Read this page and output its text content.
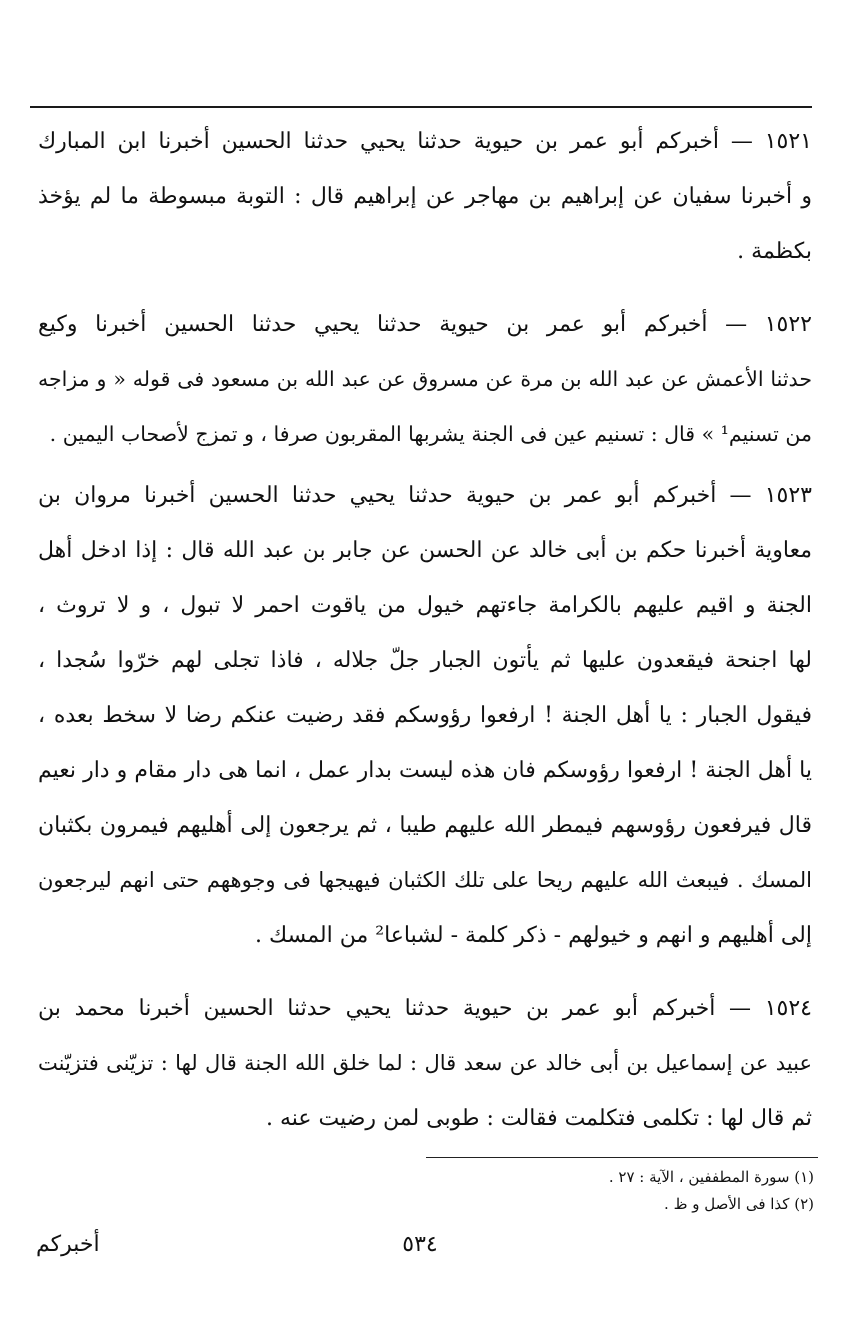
١٥٢١ — أخبركم أبو عمر بن حيوية حدثنا يحيي حدثنا الحسين أخبرنا ابن المبارك
و أخبرنا سفيان عن إبراهيم بن مهاجر عن إبراهيم قال : التوبة مبسوطة ما لم يؤخذ
بكظمة .
١٥٢٢ — أخبركم أبو عمر بن حيوية حدثنا يحيي حدثنا الحسين أخبرنا وكيع
حدثنا الأعمش عن عبد الله بن مرة عن مسروق عن عبد الله بن مسعود فى قوله « و مزاجه
من تسنيم¹ » قال : تسنيم عين فى الجنة يشربها المقربون صرفا ، و تمزج لأصحاب اليمين .
١٥٢٣ — أخبركم أبو عمر بن حيوية حدثنا يحيي حدثنا الحسين أخبرنا مروان بن
معاوية أخبرنا حكم بن أبى خالد عن الحسن عن جابر بن عبد الله قال : إذا ادخل أهل
الجنة و اقيم عليهم بالكرامة جاءتهم خيول من ياقوت احمر لا تبول ، و لا تروث ،
لها اجنحة فيقعدون عليها ثم يأتون الجبار جلّ جلاله ، فاذا تجلى لهم خرّوا سُجدا ،
فيقول الجبار : يا أهل الجنة ! ارفعوا رؤوسكم فقد رضيت عنكم رضا لا سخط بعده ،
يا أهل الجنة ! ارفعوا رؤوسكم فان هذه ليست بدار عمل ، انما هى دار مقام و دار نعيم
قال فيرفعون رؤوسهم فيمطر الله عليهم طيبا ، ثم يرجعون إلى أهليهم فيمرون بكثبان
المسك . فيبعث الله عليهم ريحا على تلك الكثبان فيهيجها فى وجوههم حتى انهم ليرجعون
إلى أهليهم و انهم و خيولهم - ذكر كلمة - لشباعا² من المسك .
١٥٢٤ — أخبركم أبو عمر بن حيوية حدثنا يحيي حدثنا الحسين أخبرنا محمد بن
عبيد عن إسماعيل بن أبى خالد عن سعد قال : لما خلق الله الجنة قال لها : تزيّنى فتزيّنت
ثم قال لها : تكلمى فتكلمت فقالت : طوبى لمن رضيت عنه .
(١) سورة المطففين ، الآية : ٢٧ .
(٢) كذا فى الأصل و ظ .
أخبركم	٥٣٤
